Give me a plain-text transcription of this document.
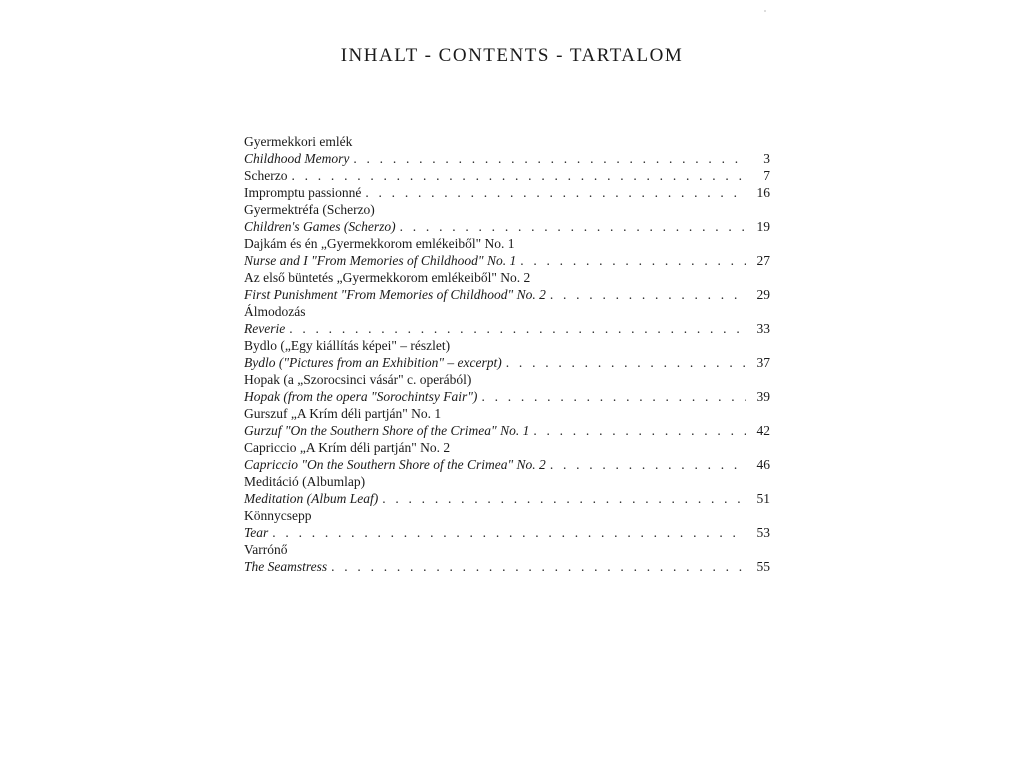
INHALT - CONTENTS - TARTALOM
Gyermekkori emlék
Childhood Memory . . .	3
Scherzo . . .	7
Impromptu passionné . . .	16
Gyermektréfa (Scherzo)
Children's Games (Scherzo) . . .	19
Dajkám és én „Gyermekkorom emlékeiből" No. 1
Nurse and I "From Memories of Childhood" No. 1 . . .	27
Az első büntetés „Gyermekkorom emlékeiből" No. 2
First Punishment "From Memories of Childhood" No. 2 . . .	29
Álmodozás
Reverie . . .	33
Bydlo („Egy kiállítás képei" – részlet)
Bydlo ("Pictures from an Exhibition" – excerpt) . . .	37
Hopak (a „Szorocsinci vásár" c. operából)
Hopak (from the opera "Sorochintsy Fair") . . .	39
Gurszuf „A Krím déli partján" No. 1
Gurzuf "On the Southern Shore of the Crimea" No. 1 . . .	42
Capriccio „A Krím déli partján" No. 2
Capriccio "On the Southern Shore of the Crimea" No. 2 . . .	46
Meditáció (Albumlap)
Meditation (Album Leaf) . . .	51
Könnycsepp
Tear . . .	53
Varrónő
The Seamstress . . .	55
